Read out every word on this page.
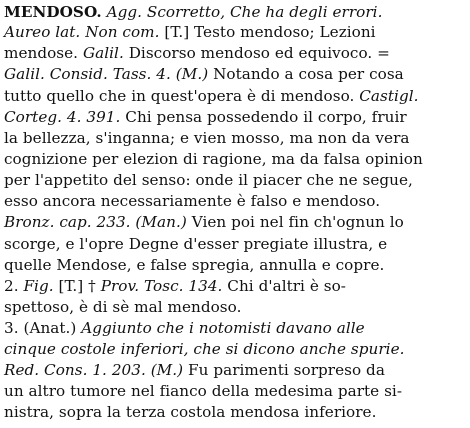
MENDOSO. Agg. Scorretto, Che ha degli errori.
Aureo lat. Non com. [T.] Testo mendoso; Lezioni
mendose. Galil. Discorso mendoso ed equivoco. =
Galil. Consid. Tass. 4. (M.) Notando a cosa per cosa
tutto quello che in quest'opera è di mendoso. Castigl.
Corteg. 4. 391. Chi pensa possedendo il corpo, fruir
la bellezza, s'inganna; e vien mosso, ma non da vera
cognizione per elezion di ragione, ma da falsa opinion
per l'appetito del senso: onde il piacer che ne segue,
esso ancora necessariamente è falso e mendoso.
Bronz. cap. 233. (Man.) Vien poi nel fin ch'ognun lo
scorge, e l'opre Degne d'esser pregiate illustra, e
quelle Mendose, e false spregia, annulla e copre.
2. Fig. [T.] † Prov. Tosc. 134. Chi d'altri è so-
spettoso, è di sè mal mendoso.
3. (Anat.) Aggiunto che i notomisti davano alle
cinque costole inferiori, che si dicono anche spurie.
Red. Cons. 1. 203. (M.) Fu parimenti sorpreso da
un altro tumore nel fianco della medesima parte si-
nistra, sopra la terza costola mendosa inferiore.
